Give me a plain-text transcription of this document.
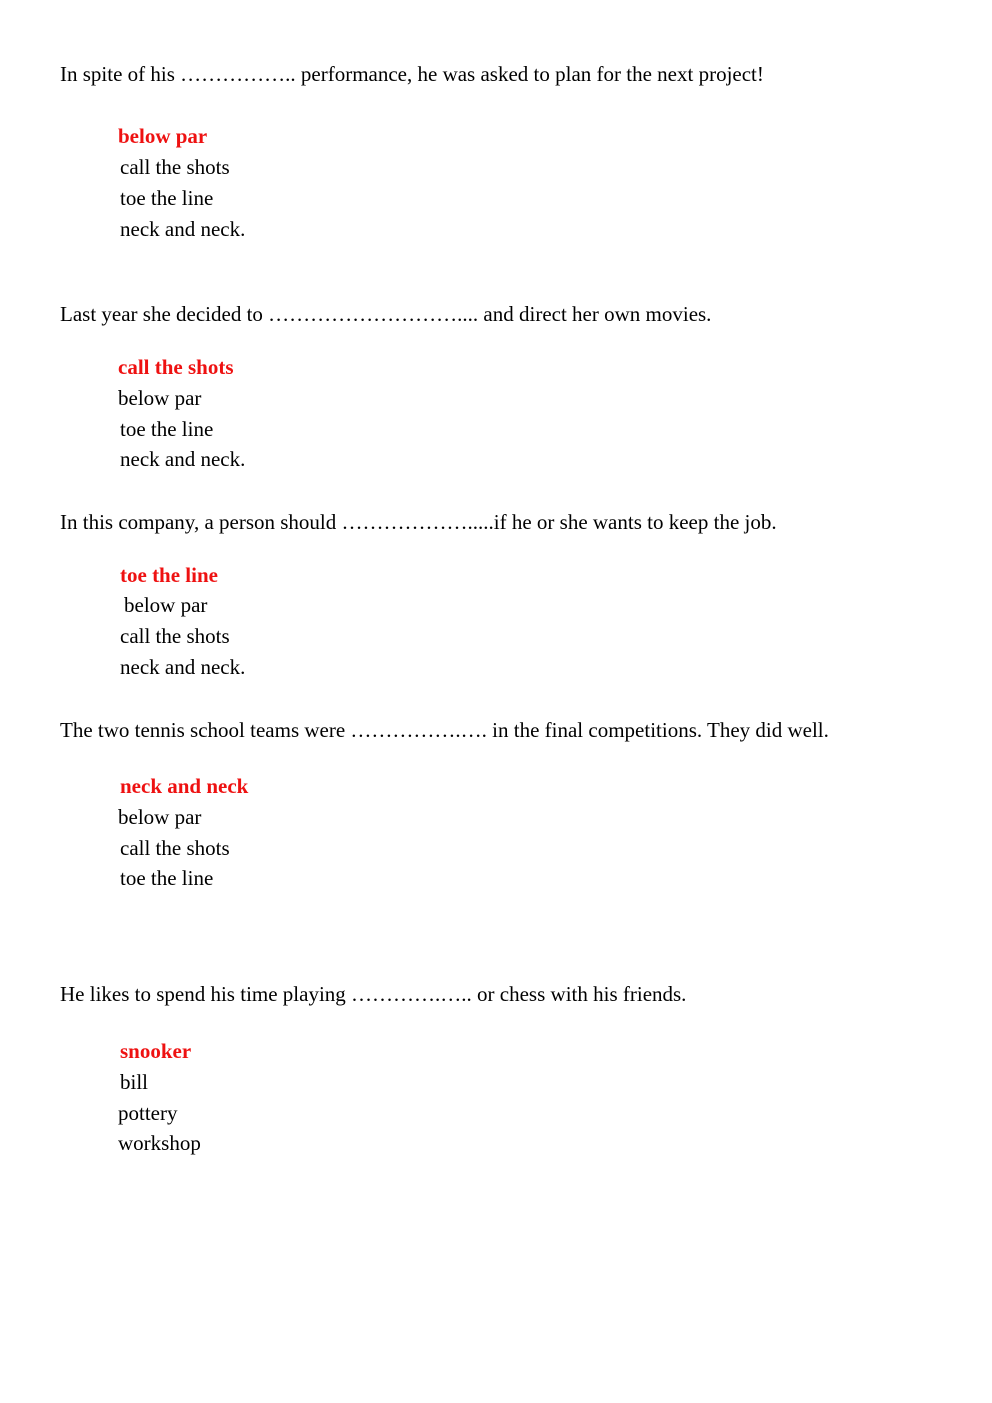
In spite of his …………….. performance, he was asked to plan for the next project!
below par
call the shots
toe the line
neck and neck.
Last year she decided to ……………………….... and direct her own movies.
call the shots
below par
toe the line
neck and neck.
In this company, a person should ……………….....if he or she wants to keep the job.
toe the line
below par
call the shots
neck and neck.
The two tennis school teams were …………….…. in the final competitions. They did well.
neck and neck
below par
call the shots
toe the line
He likes to spend his time playing ………….….. or chess with his friends.
snooker
bill
pottery
workshop
